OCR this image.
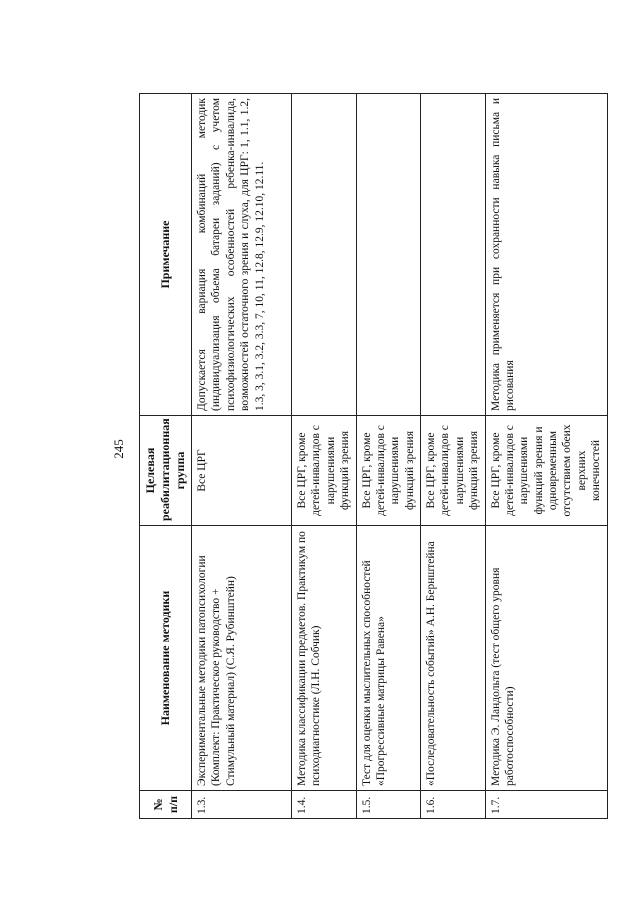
245
№ п/п	Наименование методики	Целевая реабилитационная группа	Примечание
1.3.	Экспериментальные методики патопсихологии (Комплект: Практическое руководство + Стимульный материал) (С.Я. Рубинштейн)	Все ЦРГ	Допускается вариация комбинаций методик (индивидуализация объема батареи заданий) с учетом психофизиологических особенностей ребенка-инвалида, возможностей остаточного зрения и слуха, для ЦРГ: 1, 1.1, 1.2, 1.3, 3, 3.1, 3.2, 3.3, 7, 10, 11, 12.8, 12.9, 12.10, 12.11.
1.4.	Методика классификации предметов. Практикум по психодиагностике (Л.Н. Собчик)	Все ЦРГ, кроме детей-инвалидов с нарушениями функций зрения	
1.5.	Тест для оценки мыслительных способностей «Прогрессивные матрицы Равена»	Все ЦРГ, кроме детей-инвалидов с нарушениями функций зрения	
1.6.	«Последовательность событий» А.Н. Бернштейна	Все ЦРГ, кроме детей-инвалидов с нарушениями функций зрения	
1.7.	Методика Э. Ландольта (тест общего уровня работоспособности)	Все ЦРГ, кроме детей-инвалидов с нарушениями функций зрения и одновременным отсутствием обеих верхних конечностей	Методика применяется при сохранности навыка письма и рисования
